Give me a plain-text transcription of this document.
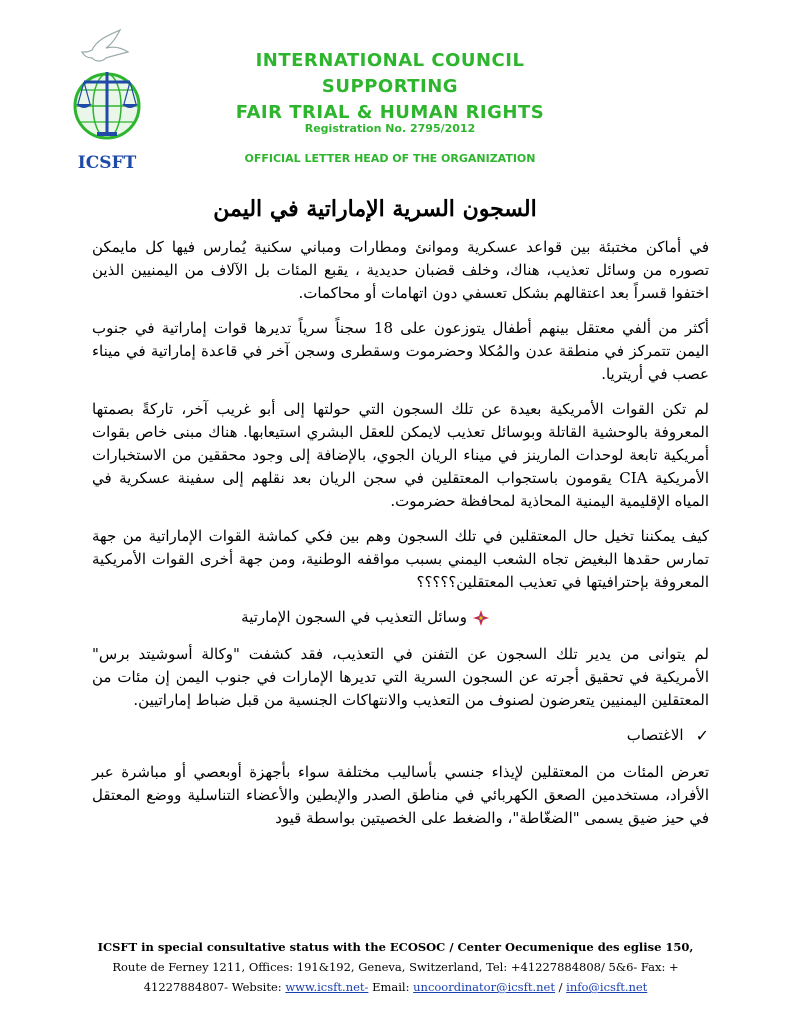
ICSFT
INTERNATIONAL COUNCIL SUPPORTING
FAIR TRIAL & HUMAN RIGHTS
Registration No. 2795/2012
OFFICIAL LETTER HEAD OF THE ORGANIZATION
السجون السرية الإماراتية في اليمن

في أماكن مختبئة بين قواعد عسكرية وموانئ ومطارات ومباني سكنية يُمارس فيها كل مايمكن تصوره من وسائل تعذيب، هناك، وخلف قضبان حديدية ، يقبع المئات بل الآلاف من اليمنيين الذين اختفوا قسراً بعد اعتقالهم بشكل تعسفي دون اتهامات أو محاكمات.

أكثر من ألفي معتقل بينهم أطفال يتوزعون على 18 سجناً سرياً تديرها قوات إماراتية في جنوب اليمن تتمركز في منطقة عدن والمُكلا وحضرموت وسقطرى وسجن آخر في قاعدة إماراتية في ميناء عصب في أريتريا.

لم تكن القوات الأمريكية بعيدة عن تلك السجون التي حولتها إلى أبو غريب آخر، تاركةً بصمتها المعروفة بالوحشية القاتلة وبوسائل تعذيب لايمكن للعقل البشري استيعابها. هناك مبنى خاص بقوات أمريكية تابعة لوحدات المارينز في ميناء الريان الجوي، بالإضافة إلى وجود محققين من الاستخبارات الأمريكية CIA يقومون باستجواب المعتقلين في سجن الريان بعد نقلهم إلى سفينة عسكرية في المياه الإقليمية اليمنية المحاذية لمحافظة حضرموت.

كيف يمكننا تخيل حال المعتقلين في تلك السجون وهم بين فكي كماشة القوات الإماراتية من جهة تمارس حقدها البغيض تجاه الشعب اليمني بسبب مواقفه الوطنية، ومن جهة أخرى القوات الأمريكية المعروفة بإحترافيتها في تعذيب المعتقلين؟؟؟؟؟

وسائل التعذيب في السجون الإمارتية

لم يتوانى من يدير تلك السجون عن التفنن في التعذيب، فقد كشفت "وكالة أسوشيتد برس" الأمريكية في تحقيق أجرته عن السجون السرية التي تديرها الإمارات في جنوب اليمن إن مئات من المعتقلين اليمنيين يتعرضون لصنوف من التعذيب والانتهاكات الجنسية من قبل ضباط إماراتيين.

✓
الاغتصاب

تعرض المئات من المعتقلين لإيذاء جنسي بأساليب مختلفة سواء بأجهزة أوبعصي أو مباشرة عبر الأفراد، مستخدمين الصعق الكهربائي في مناطق الصدر والإبطين والأعضاء التناسلية ووضع المعتقل في حيز ضيق يسمى "الضغّاطة"، والضغط على الخصيتين بواسطة قيود

ICSFT in special consultative status with the ECOSOC / Center Oecumenique des eglise 150,
Route de Ferney 1211, Offices: 191&192, Geneva, Switzerland, Tel: +41227884808/ 5&6- Fax: +
41227884807- Website: www.icsft.net- Email: uncoordinator@icsft.net / info@icsft.net
